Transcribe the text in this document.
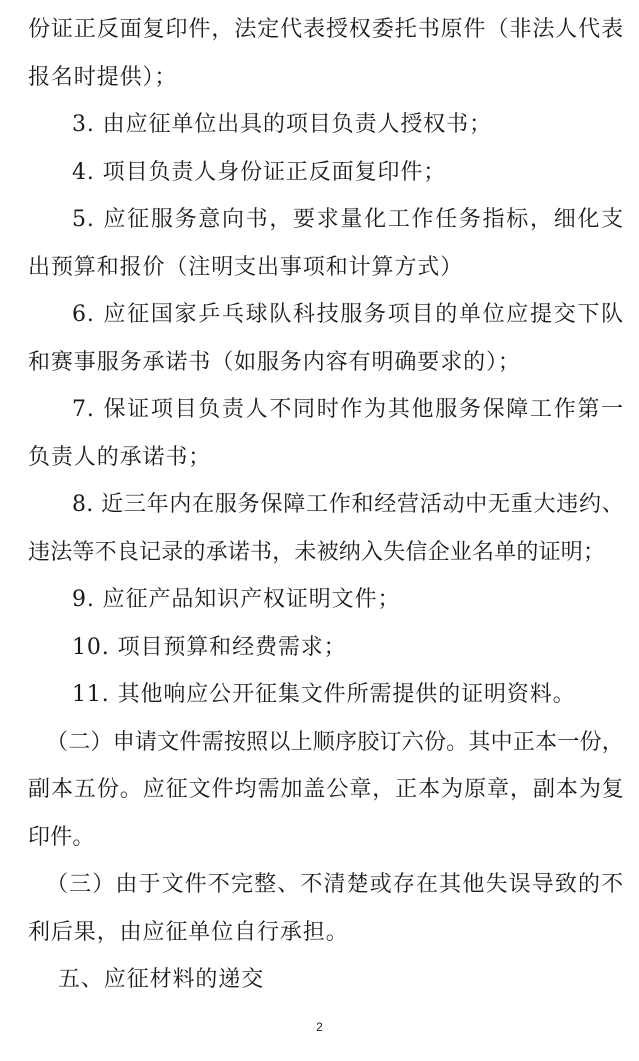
份证正反面复印件，法定代表授权委托书原件（非法人代表报名时提供）；

3. 由应征单位出具的项目负责人授权书；

4. 项目负责人身份证正反面复印件；

5. 应征服务意向书，要求量化工作任务指标，细化支出预算和报价（注明支出事项和计算方式）

6. 应征国家乒乓球队科技服务项目的单位应提交下队和赛事服务承诺书（如服务内容有明确要求的）；

7. 保证项目负责人不同时作为其他服务保障工作第一负责人的承诺书；

8. 近三年内在服务保障工作和经营活动中无重大违约、违法等不良记录的承诺书，未被纳入失信企业名单的证明；

9. 应征产品知识产权证明文件；

10. 项目预算和经费需求；

11. 其他响应公开征集文件所需提供的证明资料。

（二）申请文件需按照以上顺序胶订六份。其中正本一份，副本五份。应征文件均需加盖公章，正本为原章，副本为复印件。

（三）由于文件不完整、不清楚或存在其他失误导致的不利后果，由应征单位自行承担。

五、应征材料的递交

2
